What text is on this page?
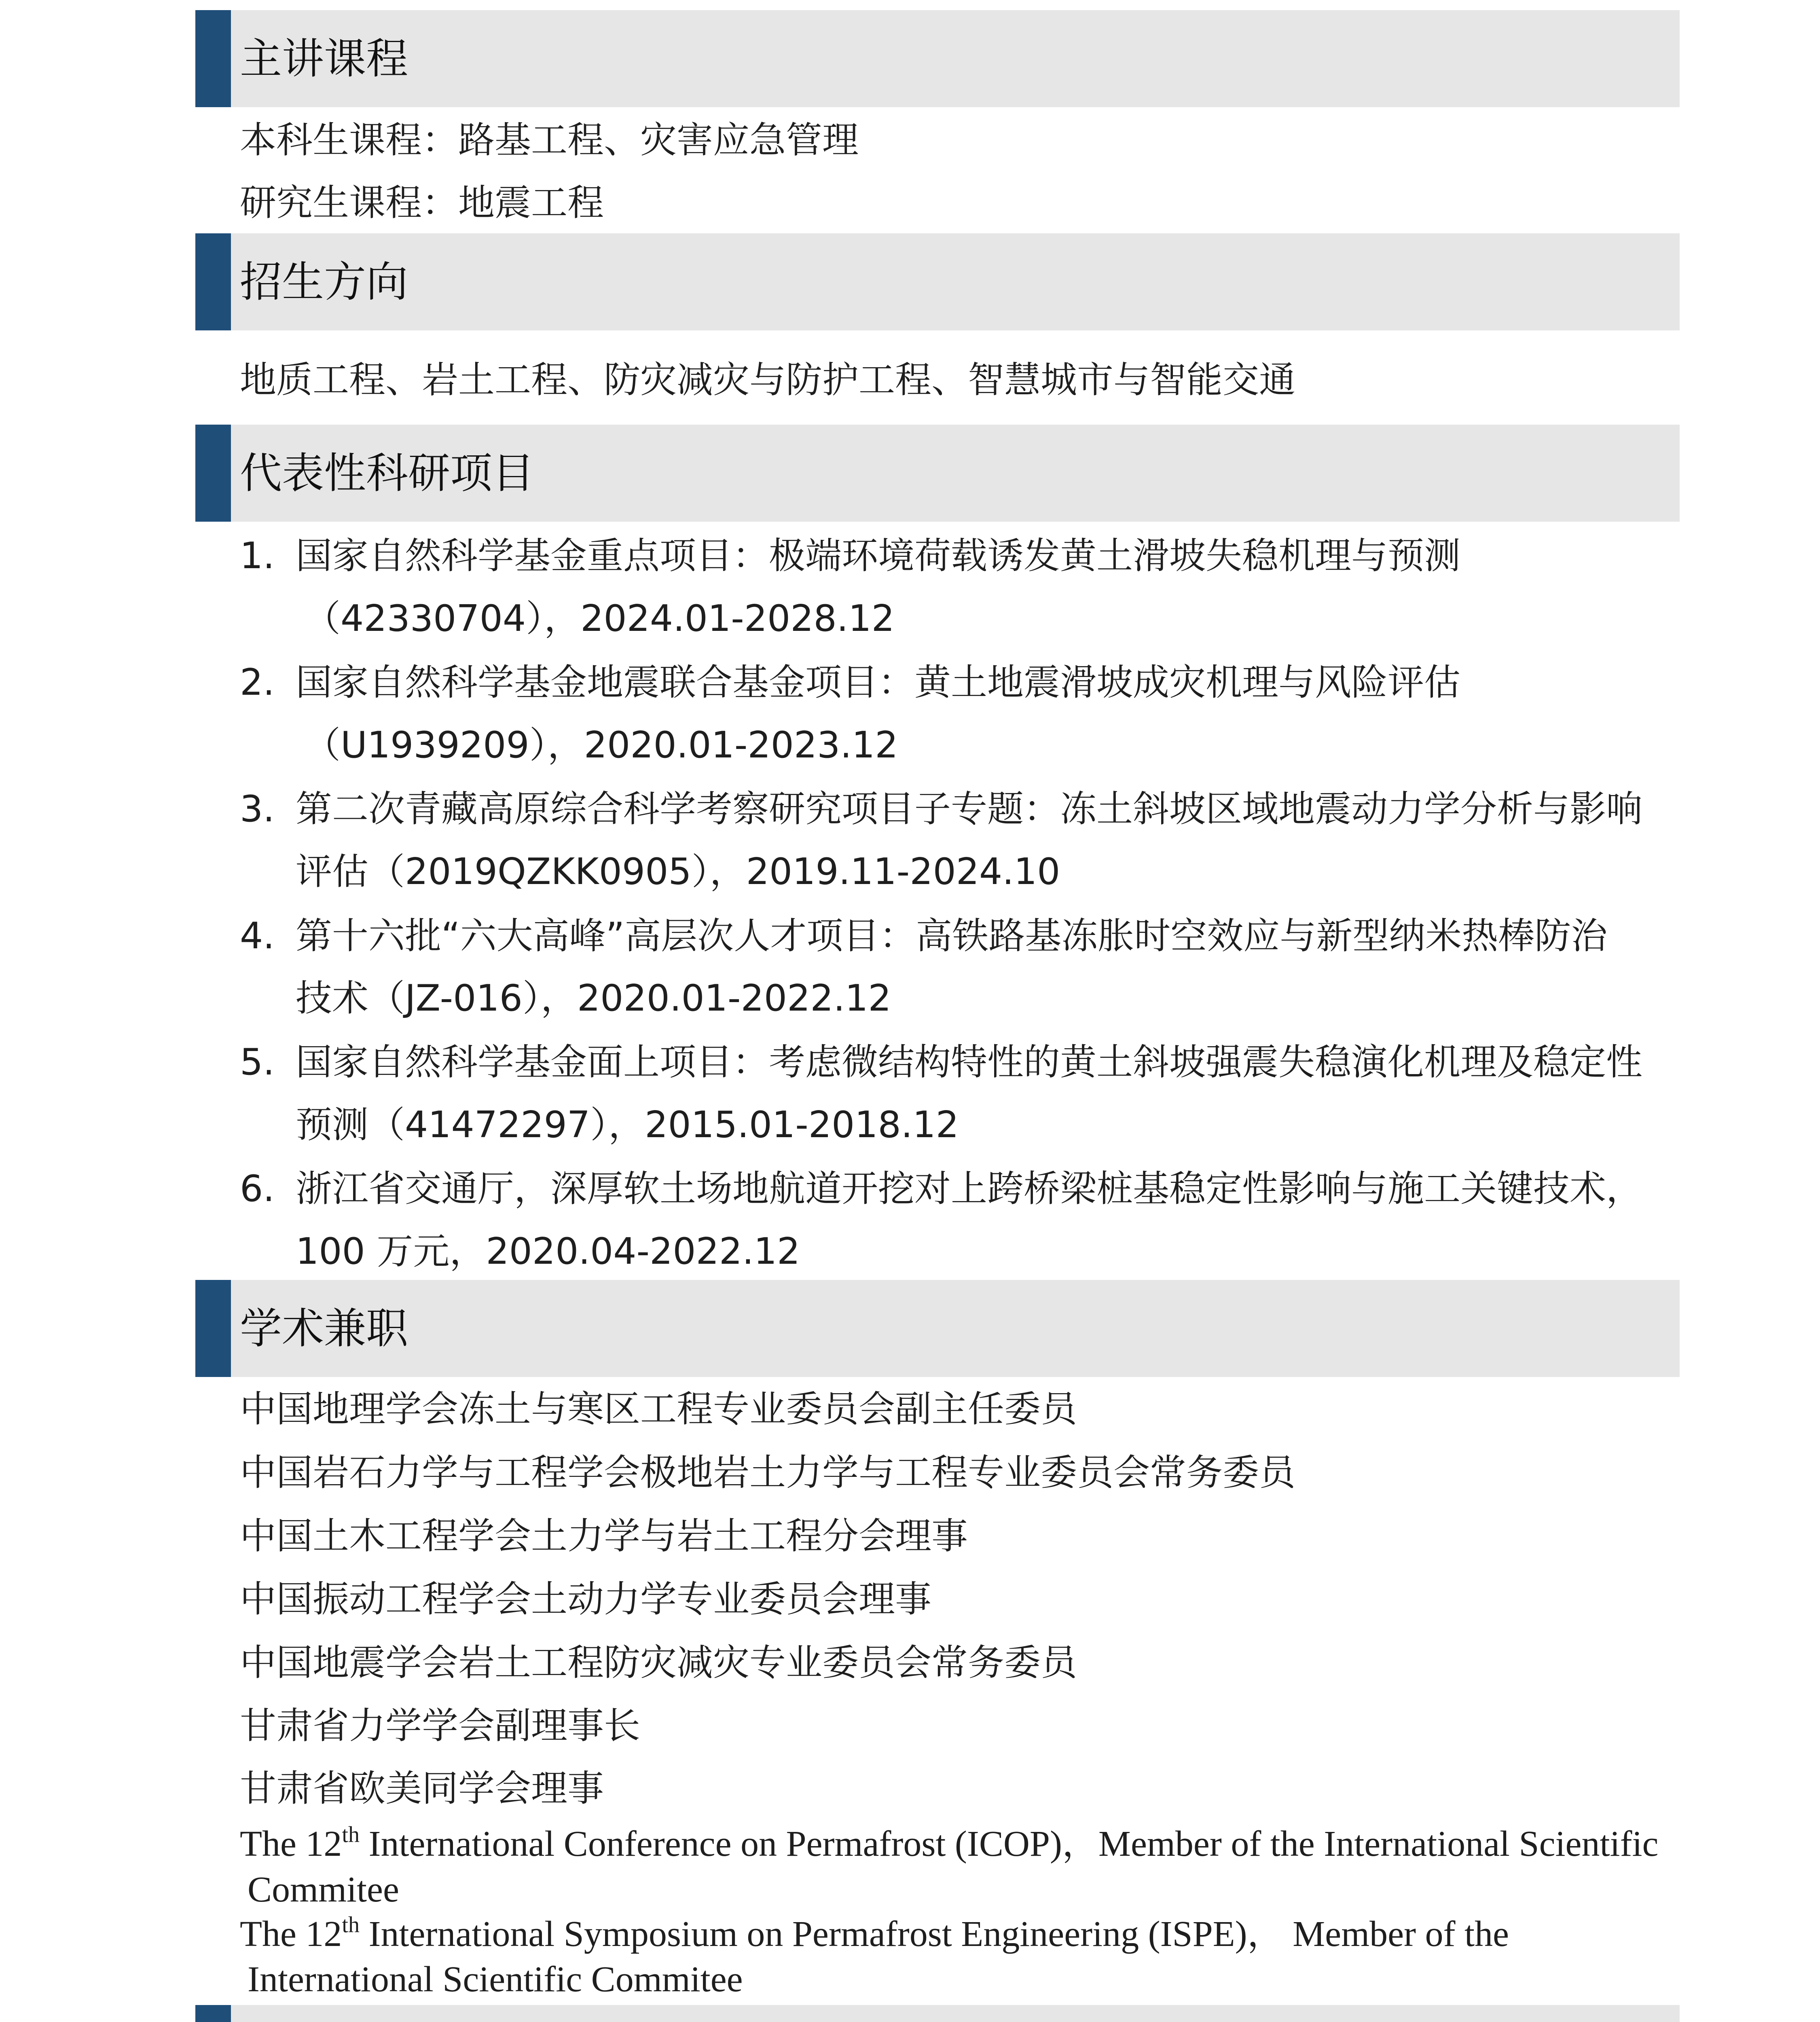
主讲课程
本科生课程：路基工程、灾害应急管理
研究生课程：地震工程
招生方向
地质工程、岩土工程、防灾减灾与防护工程、智慧城市与智能交通
代表性科研项目
1. 国家自然科学基金重点项目：极端环境荷载诱发黄土滑坡失稳机理与预测
（42330704），2024.01-2028.12
2. 国家自然科学基金地震联合基金项目：黄土地震滑坡成灾机理与风险评估
（U1939209），2020.01-2023.12
3. 第二次青藏高原综合科学考察研究项目子专题：冻土斜坡区域地震动力学分析与影响
评估（2019QZKK0905），2019.11-2024.10
4. 第十六批“六大高峰”高层次人才项目：高铁路基冻胀时空效应与新型纳米热棒防治
技术（JZ-016），2020.01-2022.12
5. 国家自然科学基金面上项目：考虑微结构特性的黄土斜坡强震失稳演化机理及稳定性
预测（41472297），2015.01-2018.12
6. 浙江省交通厅，深厚软土场地航道开挖对上跨桥梁桩基稳定性影响与施工关键技术，
100 万元，2020.04-2022.12
学术兼职
中国地理学会冻土与寒区工程专业委员会副主任委员
中国岩石力学与工程学会极地岩土力学与工程专业委员会常务委员
中国土木工程学会土力学与岩土工程分会理事
中国振动工程学会土动力学专业委员会理事
中国地震学会岩土工程防灾减灾专业委员会常务委员
甘肃省力学学会副理事长
甘肃省欧美同学会理事
The 12th International Conference on Permafrost (ICOP)，Member of the International Scientific
Commitee
The 12th International Symposium on Permafrost Engineering (ISPE)， Member of the
International Scientific Commitee
